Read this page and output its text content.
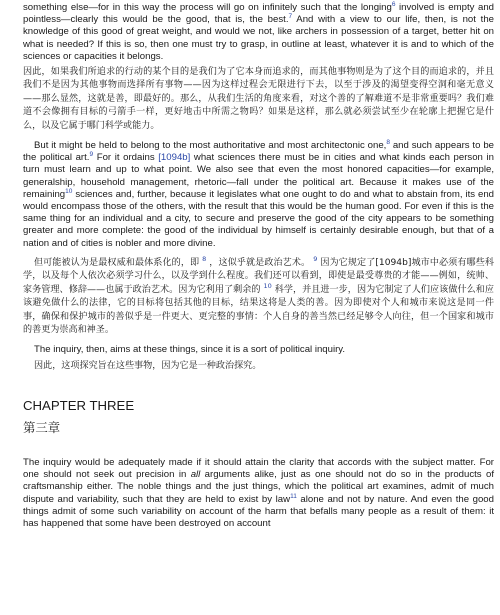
something else—for in this way the process will go on infinitely such that the longing$^6$ involved is empty and pointless—clearly this would be the good, that is, the best.$^7$ And with a view to our life, then, is not the knowledge of this good of great weight, and would we not, like archers in possession of a target, better hit on what is needed? If this is so, then one must try to grasp, in outline at least, whatever it is and to which of the sciences or capacities it belongs.

因此，如果我们所追求的行动的某个目的是我们为了它本身而追求的，而其他事物则是为了这个目的而追求的，并且我们不是因为其他事物而选择所有事物——因为这样过程会无限进行下去，以至于涉及的渴望变得空洞和毫无意义——那么显然，这就是善，即最好的。那么，从我们生活的角度来看，对这个善的了解难道不是非常重要吗？我们难道不会像拥有目标的弓箭手一样，更好地击中所需之物吗？如果是这样，那么就必须尝试至少在轮廓上把握它是什么，以及它属于哪门科学或能力。

But it might be held to belong to the most authoritative and most architectonic one,$^8$ and such appears to be the political art.$^9$ For it ordains [1094b] what sciences there must be in cities and what kinds each person in turn must learn and up to what point. We also see that even the most honored capacities—for example, generalship, household management, rhetoric—fall under the political art. Because it makes use of the remaining$^{10}$ sciences and, further, because it legislates what one ought to do and what to abstain from, its end would encompass those of the others, with the result that this would be the human good. For even if this is the same thing for an individual and a city, to secure and preserve the good of the city appears to be something greater and more complete: the good of the individual by himself is certainly desirable enough, but that of a nation and of cities is nobler and more divine.

但可能被认为是最权威和最体系化的，即 $^8$ ，这似乎就是政治艺术。 $^9$ 因为它规定了[1094b]城市中必须有哪些科学，以及每个人依次必须学习什么，以及学到什么程度。我们还可以看到，即使是最受尊贵的才能——例如，统帅、家务管理、修辞——也属于政治艺术。因为它利用了剩余的 $^{10}$ 科学，并且进一步，因为它制定了人们应该做什么和应该避免做什么的法律，它的目标将包括其他的目标，结果这将是人类的善。因为即使对个人和城市来说这是同一件事，确保和保护城市的善似乎是一件更大、更完整的事情：个人自身的善当然已经足够令人向往，但一个国家和城市的善更为崇高和神圣。

The inquiry, then, aims at these things, since it is a sort of political inquiry.

因此，这项探究旨在这些事物，因为它是一种政治探究。

CHAPTER THREE
第三章

The inquiry would be adequately made if it should attain the clarity that accords with the subject matter. For one should not seek out precision in all arguments alike, just as one should not do so in the products of craftsmanship either. The noble things and the just things, which the political art examines, admit of much dispute and variability, such that they are held to exist by law$^{11}$ alone and not by nature. And even the good things admit of some such variability on account of the harm that befalls many people as a result of them: it has happened that some have been destroyed on account
